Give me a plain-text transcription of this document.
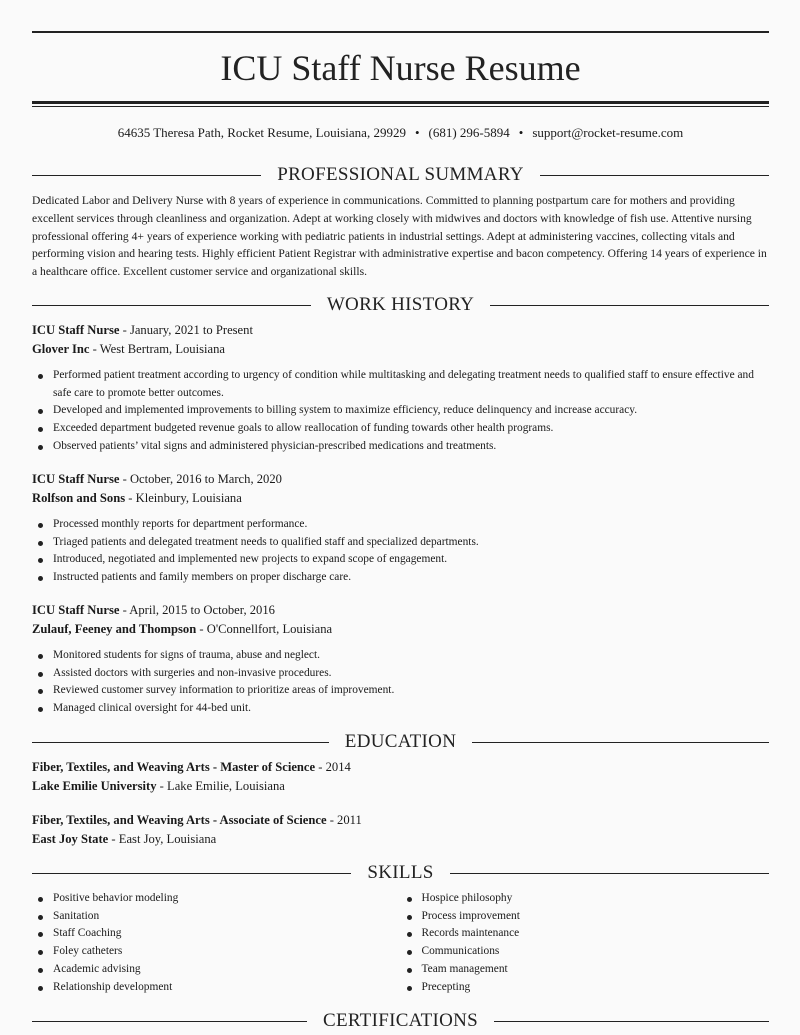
ICU Staff Nurse Resume
64635 Theresa Path, Rocket Resume, Louisiana, 29929 • (681) 296-5894 • support@rocket-resume.com
PROFESSIONAL SUMMARY
Dedicated Labor and Delivery Nurse with 8 years of experience in communications. Committed to planning postpartum care for mothers and providing excellent services through cleanliness and organization. Adept at working closely with midwives and doctors with knowledge of fish use. Attentive nursing professional offering 4+ years of experience working with pediatric patients in industrial settings. Adept at administering vaccines, collecting vitals and performing vision and hearing tests. Highly efficient Patient Registrar with administrative expertise and bacon competency. Offering 14 years of experience in a healthcare office. Excellent customer service and organizational skills.
WORK HISTORY
ICU Staff Nurse - January, 2021 to Present
Glover Inc - West Bertram, Louisiana
Performed patient treatment according to urgency of condition while multitasking and delegating treatment needs to qualified staff to ensure effective and safe care to promote better outcomes.
Developed and implemented improvements to billing system to maximize efficiency, reduce delinquency and increase accuracy.
Exceeded department budgeted revenue goals to allow reallocation of funding towards other health programs.
Observed patients’ vital signs and administered physician-prescribed medications and treatments.
ICU Staff Nurse - October, 2016 to March, 2020
Rolfson and Sons - Kleinbury, Louisiana
Processed monthly reports for department performance.
Triaged patients and delegated treatment needs to qualified staff and specialized departments.
Introduced, negotiated and implemented new projects to expand scope of engagement.
Instructed patients and family members on proper discharge care.
ICU Staff Nurse - April, 2015 to October, 2016
Zulauf, Feeney and Thompson - O'Connellfort, Louisiana
Monitored students for signs of trauma, abuse and neglect.
Assisted doctors with surgeries and non-invasive procedures.
Reviewed customer survey information to prioritize areas of improvement.
Managed clinical oversight for 44-bed unit.
EDUCATION
Fiber, Textiles, and Weaving Arts - Master of Science - 2014
Lake Emilie University - Lake Emilie, Louisiana
Fiber, Textiles, and Weaving Arts - Associate of Science - 2011
East Joy State - East Joy, Louisiana
SKILLS
Positive behavior modeling
Sanitation
Staff Coaching
Foley catheters
Academic advising
Relationship development
Hospice philosophy
Process improvement
Records maintenance
Communications
Team management
Precepting
CERTIFICATIONS
